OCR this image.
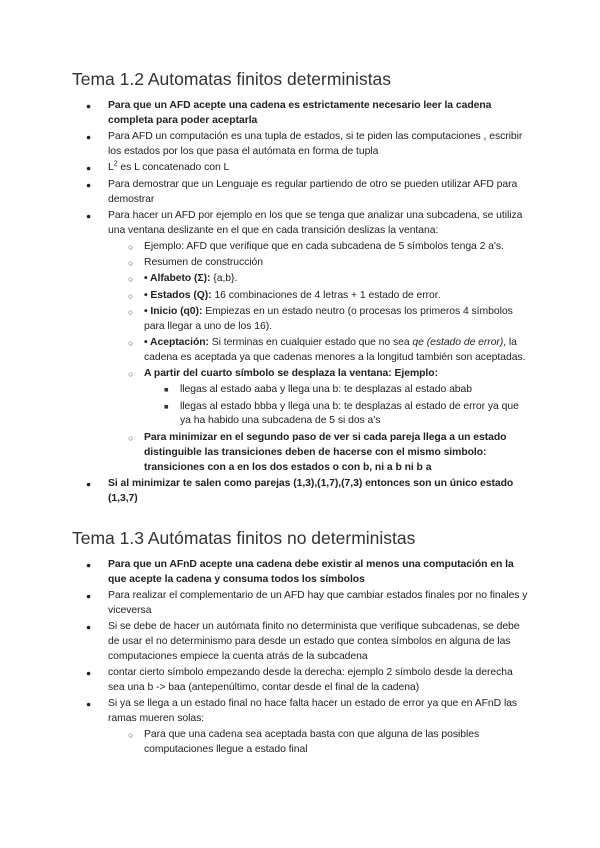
Tema 1.2 Automatas finitos deterministas
● Para que un AFD acepte una cadena es estrictamente necesario leer la cadena completa para poder aceptarla
● Para AFD un computación es una tupla de estados, si te piden las computaciones , escribir los estados por los que pasa el autómata en forma de tupla
● $L^2$ es L concatenado con L
● Para demostrar que un Lenguaje es regular partiendo de otro se pueden utilizar AFD para demostrar
● Para hacer un AFD por ejemplo en los que se tenga que analizar una subcadena, se utiliza una ventana deslizante en el que en cada transición deslizas la ventana:
○ Ejemplo: AFD que verifique que en cada subcadena de 5 símbolos tenga 2 a's.
○ Resumen de construcción
○ • Alfabeto (Σ): {a,b}.
○ • Estados (Q): 16 combinaciones de 4 letras + 1 estado de error.
○ • Inicio (q0): Empiezas en un estado neutro (o procesas los primeros 4 símbolos para llegar a uno de los 16).
○ • Aceptación: Si terminas en cualquier estado que no sea qe (estado de error), la cadena es aceptada ya que cadenas menores a la longitud también son aceptadas.
○ A partir del cuarto símbolo se desplaza la ventana: Ejemplo:
■ llegas al estado aaba y llega una b: te desplazas al estado abab
■ llegas al estado bbba y llega una b: te desplazas al estado de error ya que ya ha habido una subcadena de 5 si dos a's
○ Para minimizar en el segundo paso de ver si cada pareja llega a un estado distinguible las transiciones deben de hacerse con el mismo simbolo: transiciones con a en los dos estados o con b, ni a b ni b a
● Si al minimizar te salen como parejas (1,3),(1,7),(7,3) entonces son un único estado (1,3,7)
Tema 1.3 Autómatas finitos no deterministas
● Para que un AFnD acepte una cadena debe existir al menos una computación en la que acepte la cadena y consuma todos los símbolos
● Para realizar el complementario de un AFD hay que cambiar estados finales por no finales y viceversa
● Si se debe de hacer un autómata finito no determinista que verifique subcadenas, se debe de usar el no determinismo para desde un estado que contea símbolos en alguna de las computaciones empiece la cuenta atrás de la subcadena
● contar cierto símbolo empezando desde la derecha: ejemplo 2 símbolo desde la derecha sea una b -> baa (antepenúltimo, contar desde el final de la cadena)
● Si ya se llega a un estado final no hace falta hacer un estado de error ya que en AFnD las ramas mueren solas:
○ Para que una cadena sea aceptada basta con que alguna de las posibles computaciones llegue a estado final
